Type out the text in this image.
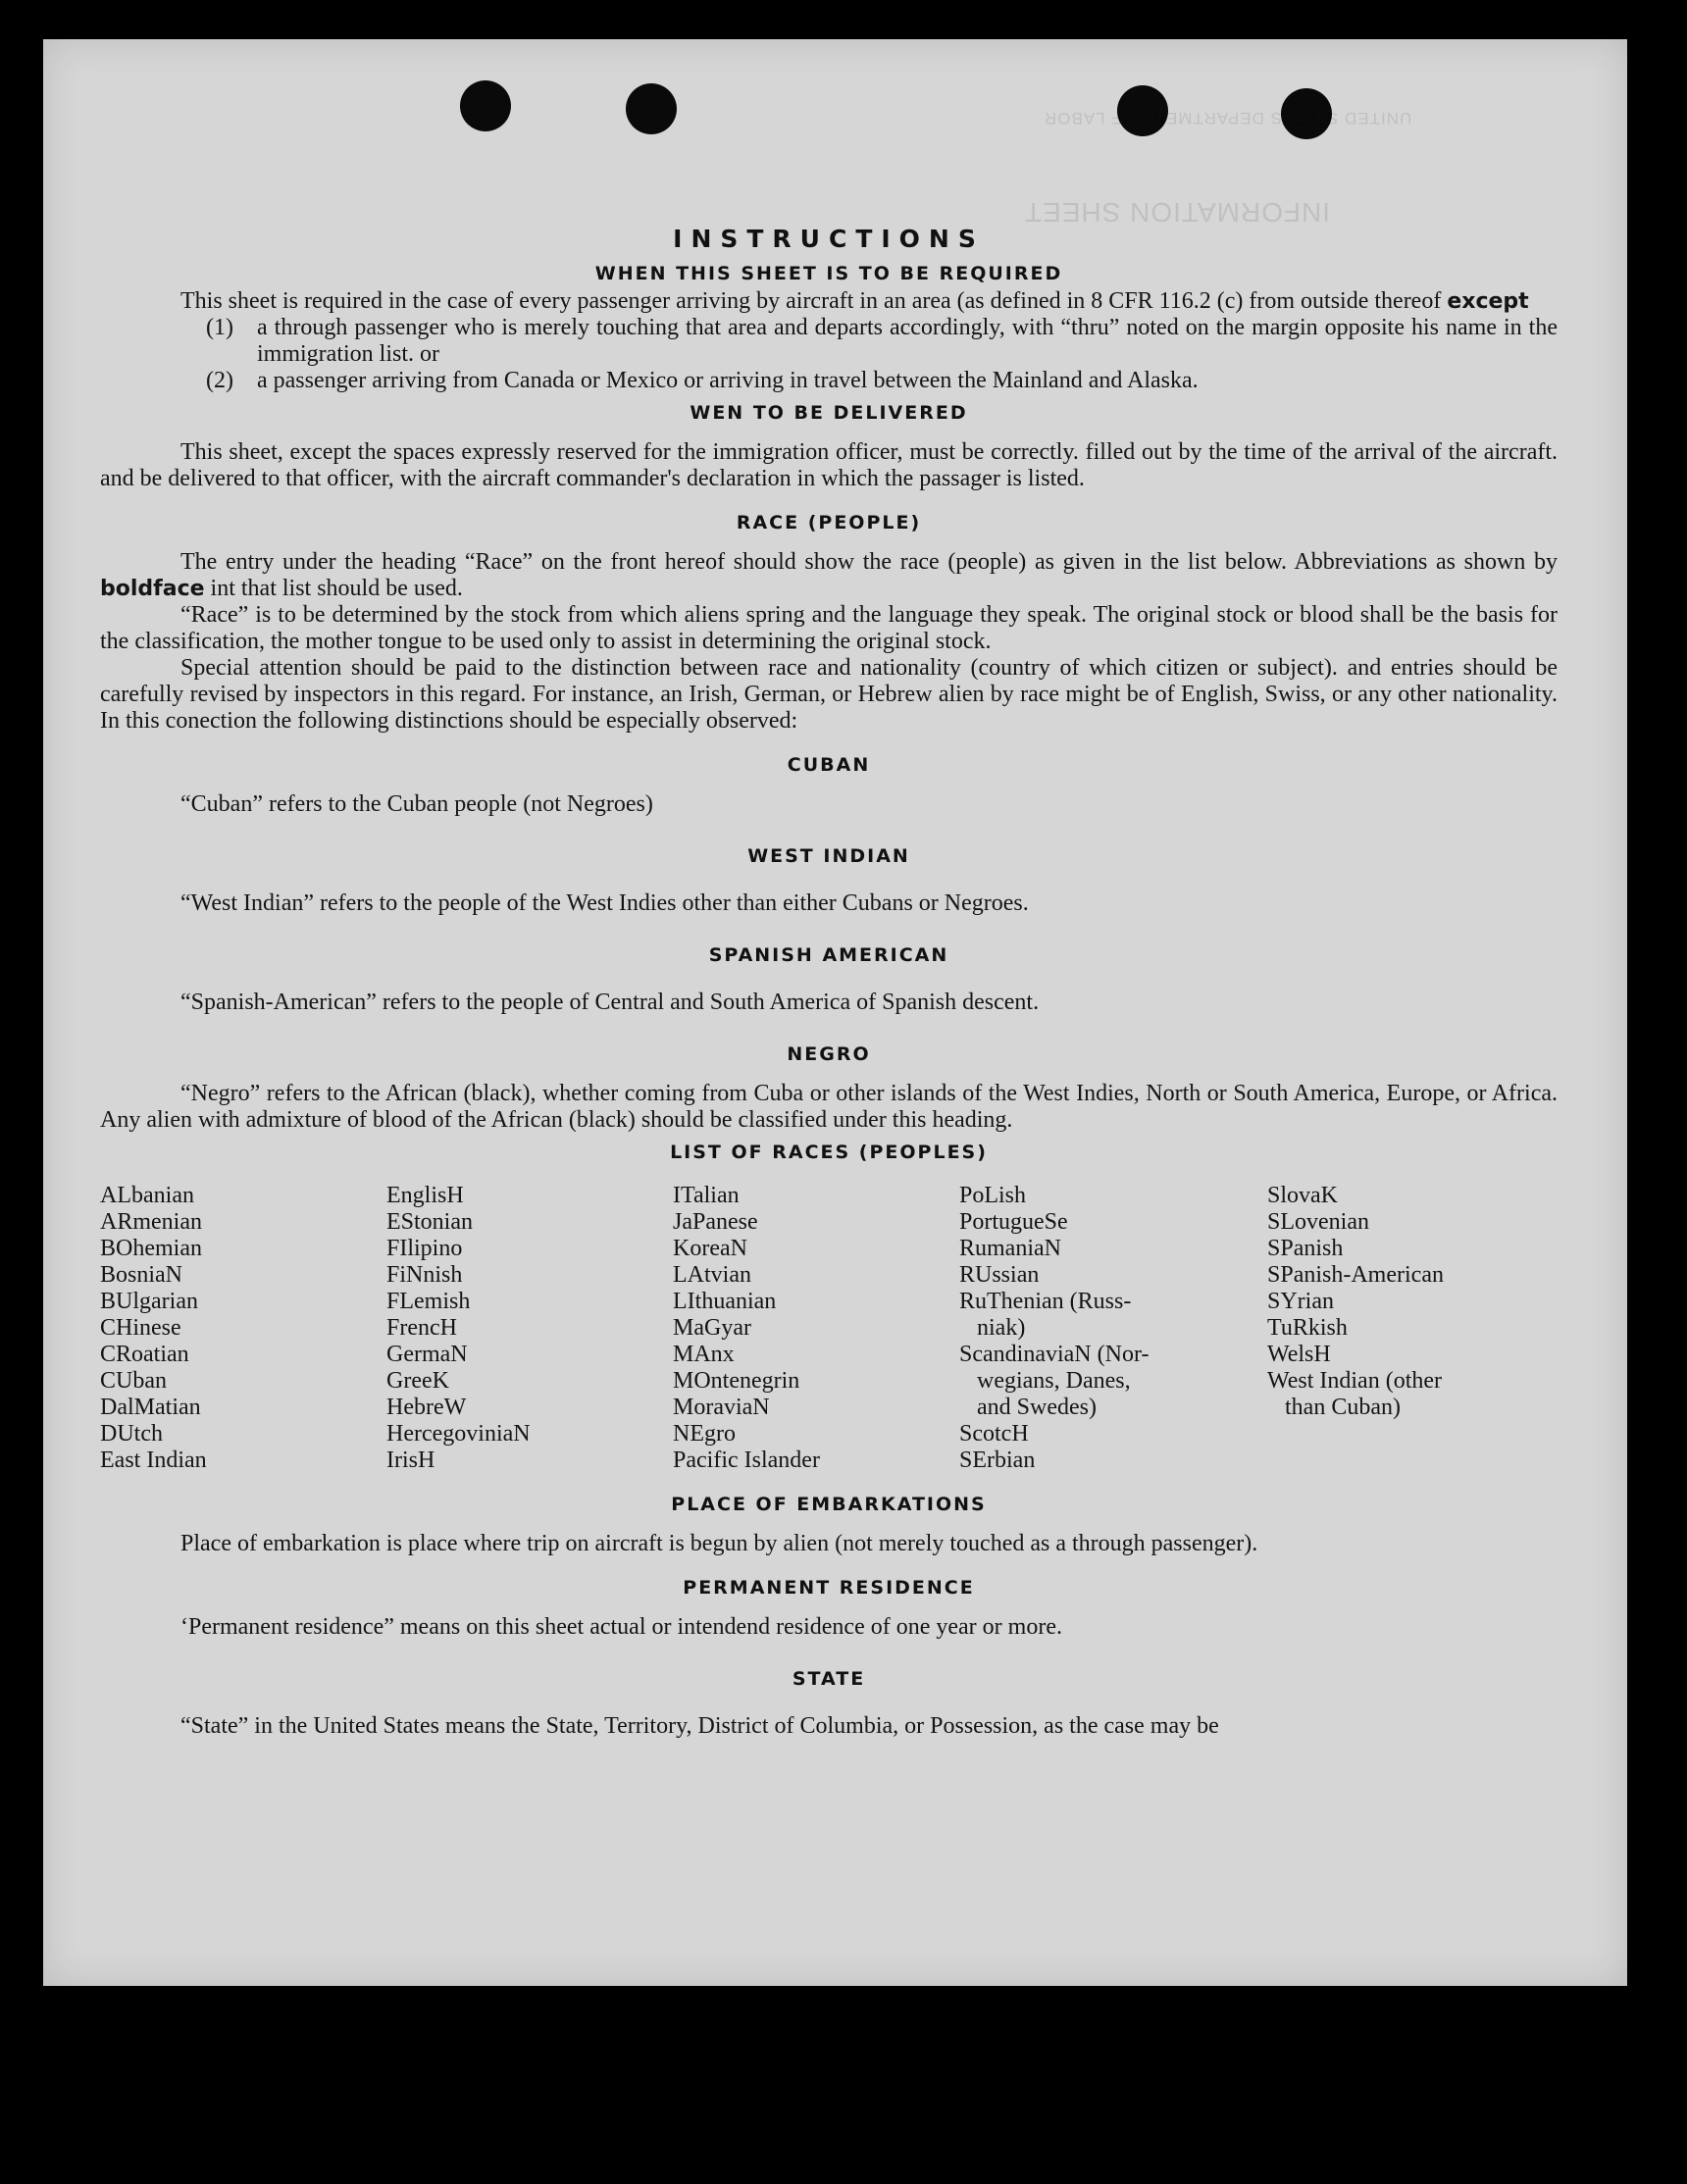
UNITED STATES DEPARTMENT OF LABOR
INFORMATION SHEET
INSTRUCTIONS
WHEN THIS SHEET IS TO BE REQUIRED

This sheet is required in the case of every passenger arriving by aircraft in an area (as defined in 8 CFR 116.2 (c) from outside thereof except

(1)	a through passenger who is merely touching that area and departs accordingly, with “thru” noted on the margin opposite his name in the immigration list. or
(2)	a passenger arriving from Canada or Mexico or arriving in travel between the Mainland and Alaska.
WEN TO BE DELIVERED

This sheet, except the spaces expressly reserved for the immigration officer, must be correctly. filled out by the time of the arrival of the aircraft. and be delivered to that officer, with the aircraft commander's declaration in which the passager is listed.

RACE (PEOPLE)

The entry under the heading “Race” on the front hereof should show the race (people) as given in the list below. Abbreviations as shown by boldface int that list should be used.

“Race” is to be determined by the stock from which aliens spring and the language they speak. The original stock or blood shall be the basis for the classification, the mother tongue to be used only to assist in determining the original stock.

Special attention should be paid to the distinction between race and nationality (country of which citizen or subject). and entries should be carefully revised by inspectors in this regard. For instance, an Irish, German, or Hebrew alien by race might be of English, Swiss, or any other nationality. In this conection the following distinctions should be especially observed:

CUBAN

“Cuban” refers to the Cuban people (not Negroes)

WEST INDIAN

“West Indian” refers to the people of the West Indies other than either Cubans or Negroes.

SPANISH AMERICAN

“Spanish-American” refers to the people of Central and South America of Spanish descent.

NEGRO

“Negro” refers to the African (black), whether coming from Cuba or other islands of the West Indies, North or South America, Europe, or Africa. Any alien with admixture of blood of the African (black) should be classified under this heading.

LIST OF RACES (PEOPLES)
ALbanian
ARmenian
BOhemian
BosniaN
BUlgarian
CHinese
CRoatian
CUban
DalMatian
DUtch
East Indian
EnglisH
EStonian
FIlipino
FiNnish
FLemish
FrencH
GermaN
GreeK
HebreW
HercegoviniaN
IrisH
ITalian
JaPanese
KoreaN
LAtvian
LIthuanian
MaGyar
MAnx
MOntenegrin
MoraviaN
NEgro
Pacific Islander
PoLish
PortugueSe
RumaniaN
RUssian
RuThenian (Russ-
niak)
ScandinaviaN (Nor-
wegians, Danes,
and Swedes)
ScotcH
SErbian
SlovaK
SLovenian
SPanish
SPanish-American
SYrian
TuRkish
WelsH
West Indian (other
than Cuban)
PLACE OF EMBARKATIONS

Place of embarkation is place where trip on aircraft is begun by alien (not merely touched as a through passenger).

PERMANENT RESIDENCE

‘Permanent residence” means on this sheet actual or intendend residence of one year or more.

STATE

“State” in the United States means the State, Territory, District of Columbia, or Possession, as the case may be
